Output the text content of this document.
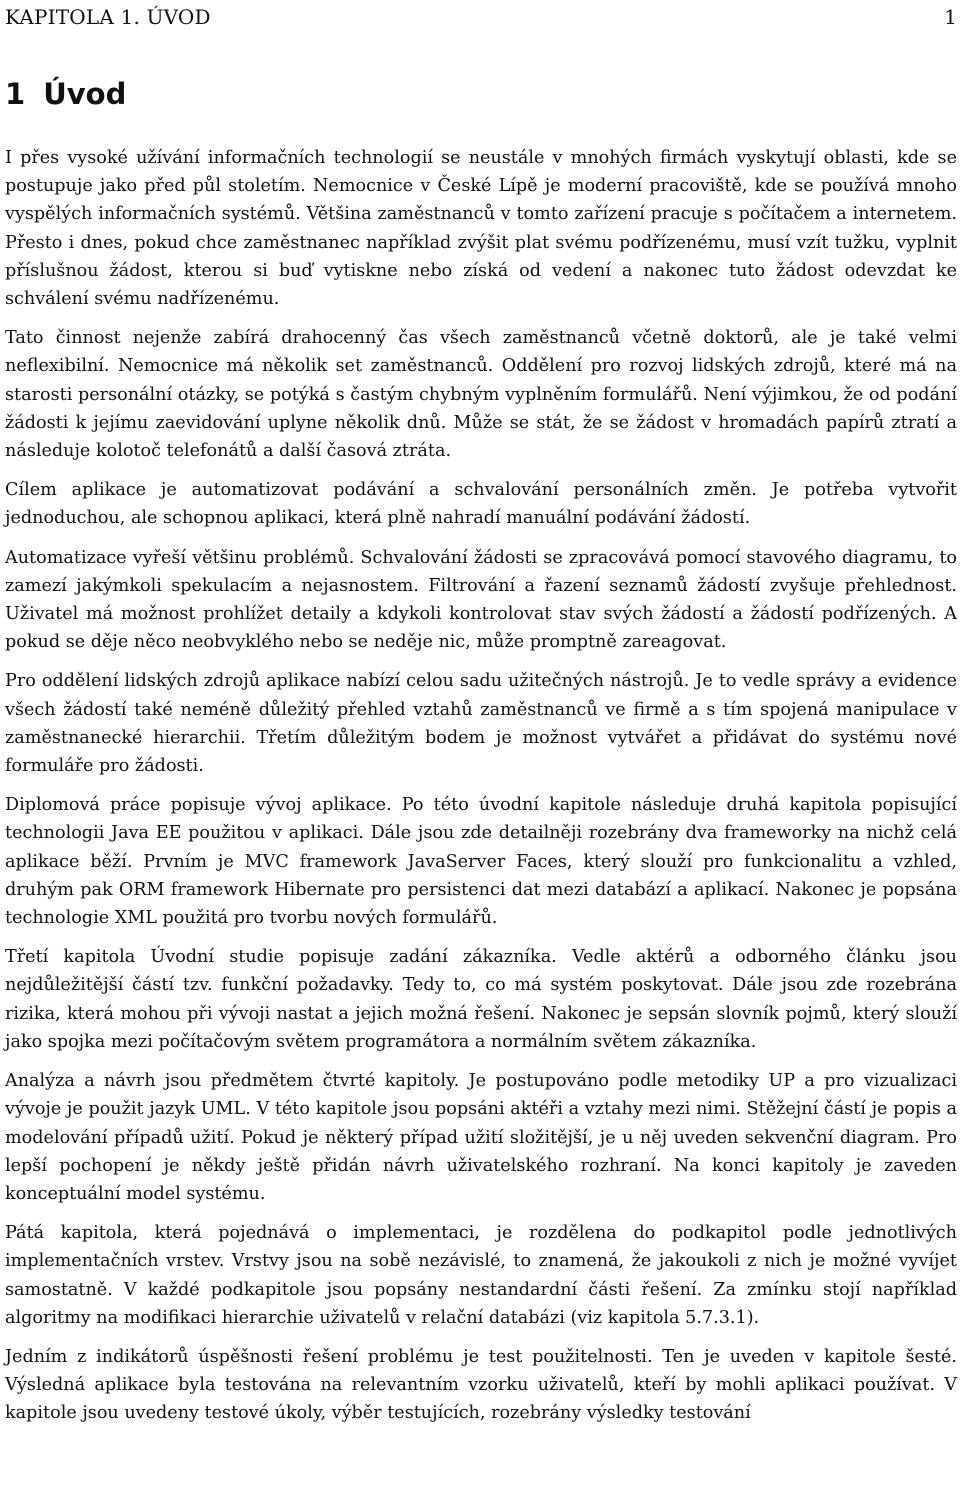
KAPITOLA 1. ÚVOD	1
1 Úvod

I přes vysoké užívání informačních technologií se neustále v mnohých firmách vyskytují oblasti, kde se postupuje jako před půl stoletím. Nemocnice v České Lípě je moderní pracoviště, kde se používá mnoho vyspělých informačních systémů. Většina zaměstnanců v tomto zařízení pracuje s počítačem a internetem. Přesto i dnes, pokud chce zaměstnanec například zvýšit plat svému podřízenému, musí vzít tužku, vyplnit příslušnou žádost, kterou si buď vytiskne nebo získá od vedení a nakonec tuto žádost odevzdat ke schválení svému nadřízenému.

Tato činnost nejenže zabírá drahocenný čas všech zaměstnanců včetně doktorů, ale je také velmi neflexibilní. Nemocnice má několik set zaměstnanců. Oddělení pro rozvoj lidských zdrojů, které má na starosti personální otázky, se potýká s častým chybným vyplněním formulářů. Není výjimkou, že od podání žádosti k jejímu zaevidování uplyne několik dnů. Může se stát, že se žádost v hromadách papírů ztratí a následuje kolotoč telefonátů a další časová ztráta.

Cílem aplikace je automatizovat podávání a schvalování personálních změn. Je potřeba vytvořit jednoduchou, ale schopnou aplikaci, která plně nahradí manuální podávání žádostí.

Automatizace vyřeší většinu problémů. Schvalování žádosti se zpracovává pomocí stavového diagramu, to zamezí jakýmkoli spekulacím a nejasnostem. Filtrování a řazení seznamů žádostí zvyšuje přehlednost. Uživatel má možnost prohlížet detaily a kdykoli kontrolovat stav svých žádostí a žádostí podřízených. A pokud se děje něco neobvyklého nebo se neděje nic, může promptně zareagovat.

Pro oddělení lidských zdrojů aplikace nabízí celou sadu užitečných nástrojů. Je to vedle správy a evidence všech žádostí také neméně důležitý přehled vztahů zaměstnanců ve firmě a s tím spojená manipulace v zaměstnanecké hierarchii. Třetím důležitým bodem je možnost vytvářet a přidávat do systému nové formuláře pro žádosti.

Diplomová práce popisuje vývoj aplikace. Po této úvodní kapitole následuje druhá kapitola popisující technologii Java EE použitou v aplikaci. Dále jsou zde detailněji rozebrány dva frameworky na nichž celá aplikace běží. Prvním je MVC framework JavaServer Faces, který slouží pro funkcionalitu a vzhled, druhým pak ORM framework Hibernate pro persistenci dat mezi databází a aplikací. Nakonec je popsána technologie XML použitá pro tvorbu nových formulářů.

Třetí kapitola Úvodní studie popisuje zadání zákazníka. Vedle aktérů a odborného článku jsou nejdůležitější částí tzv. funkční požadavky. Tedy to, co má systém poskytovat. Dále jsou zde rozebrána rizika, která mohou při vývoji nastat a jejich možná řešení. Nakonec je sepsán slovník pojmů, který slouží jako spojka mezi počítačovým světem programátora a normálním světem zákazníka.

Analýza a návrh jsou předmětem čtvrté kapitoly. Je postupováno podle metodiky UP a pro vizualizaci vývoje je použit jazyk UML. V této kapitole jsou popsáni aktéři a vztahy mezi nimi. Stěžejní částí je popis a modelování případů užití. Pokud je některý případ užití složitější, je u něj uveden sekvenční diagram. Pro lepší pochopení je někdy ještě přidán návrh uživatelského rozhraní. Na konci kapitoly je zaveden konceptuální model systému.

Pátá kapitola, která pojednává o implementaci, je rozdělena do podkapitol podle jednotlivých implementačních vrstev. Vrstvy jsou na sobě nezávislé, to znamená, že jakoukoli z nich je možné vyvíjet samostatně. V každé podkapitole jsou popsány nestandardní části řešení. Za zmínku stojí například algoritmy na modifikaci hierarchie uživatelů v relační databázi (viz kapitola 5.7.3.1).

Jedním z indikátorů úspěšnosti řešení problému je test použitelnosti. Ten je uveden v kapitole šesté. Výsledná aplikace byla testována na relevantním vzorku uživatelů, kteří by mohli aplikaci používat. V kapitole jsou uvedeny testové úkoly, výběr testujících, rozebrány výsledky testování
